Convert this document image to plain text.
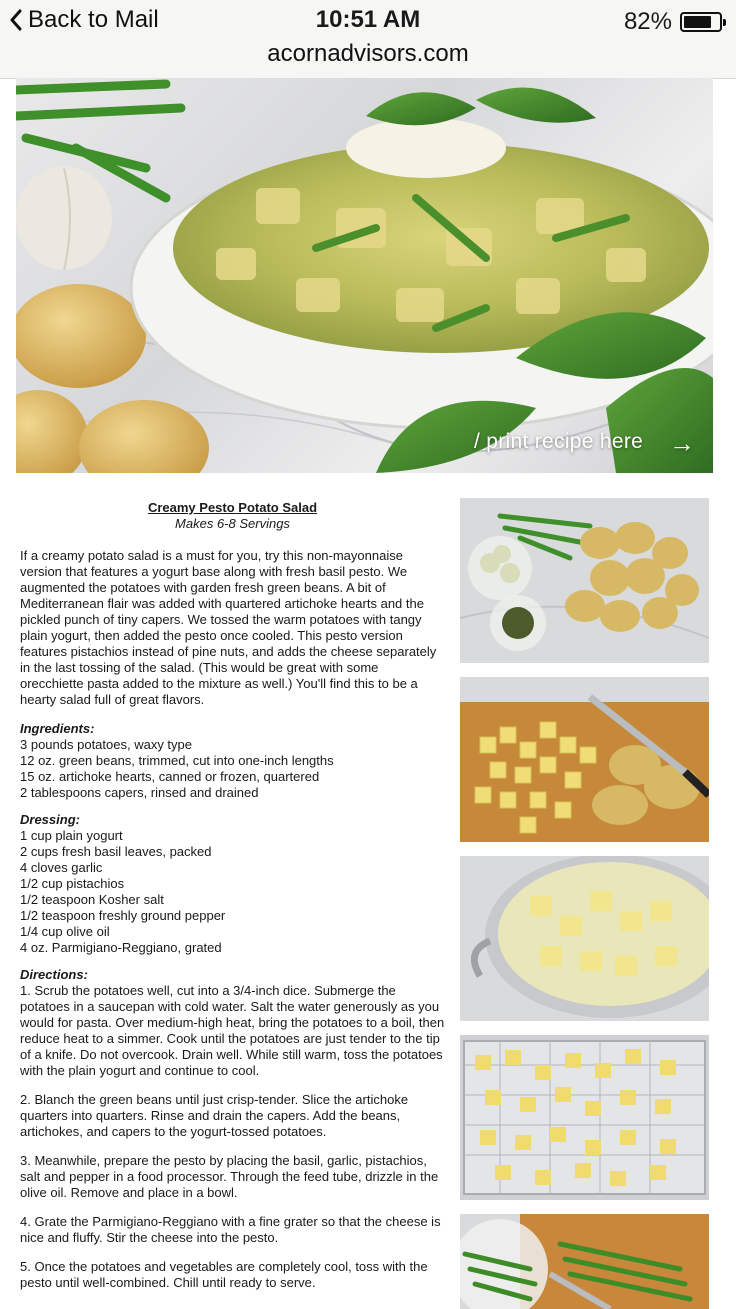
Back to Mail	10:51 AM	82%
acornadvisors.com
/ print recipe here →
Creamy Pesto Potato Salad
Makes 6-8 Servings

If a creamy potato salad is a must for you, try this non-mayonnaise version that features a yogurt base along with fresh basil pesto. We augmented the potatoes with garden fresh green beans. A bit of Mediterranean flair was added with quartered artichoke hearts and the pickled punch of tiny capers. We tossed the warm potatoes with tangy plain yogurt, then added the pesto once cooled. This pesto version features pistachios instead of pine nuts, and adds the cheese separately in the last tossing of the salad. (This would be great with some orecchiette pasta added to the mixture as well.) You'll find this to be a hearty salad full of great flavors.

Ingredients:
3 pounds potatoes, waxy type
12 oz. green beans, trimmed, cut into one-inch lengths
15 oz. artichoke hearts, canned or frozen, quartered
2 tablespoons capers, rinsed and drained
Dressing:
1 cup plain yogurt
2 cups fresh basil leaves, packed
4 cloves garlic
1/2 cup pistachios
1/2 teaspoon Kosher salt
1/2 teaspoon freshly ground pepper
1/4 cup olive oil
4 oz. Parmigiano-Reggiano, grated
Directions:

1. Scrub the potatoes well, cut into a 3/4-inch dice. Submerge the potatoes in a saucepan with cold water. Salt the water generously as you would for pasta. Over medium-high heat, bring the potatoes to a boil, then reduce heat to a simmer. Cook until the potatoes are just tender to the tip of a knife. Do not overcook. Drain well. While still warm, toss the potatoes with the plain yogurt and continue to cool.

2. Blanch the green beans until just crisp-tender. Slice the artichoke quarters into quarters. Rinse and drain the capers. Add the beans, artichokes, and capers to the yogurt-tossed potatoes.

3. Meanwhile, prepare the pesto by placing the basil, garlic, pistachios, salt and pepper in a food processor. Through the feed tube, drizzle in the olive oil. Remove and place in a bowl.

4. Grate the Parmigiano-Reggiano with a fine grater so that the cheese is nice and fluffy. Stir the cheese into the pesto.

5. Once the potatoes and vegetables are completely cool, toss with the pesto until well-combined. Chill until ready to serve.
